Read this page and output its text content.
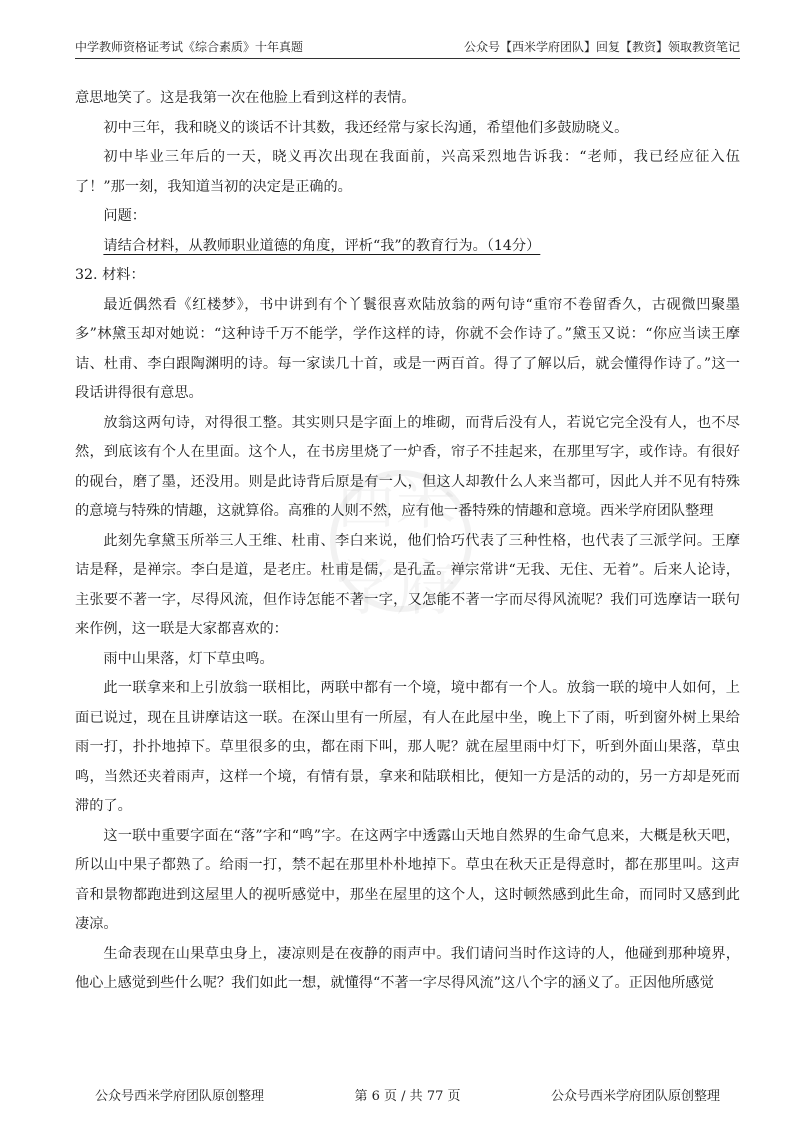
中学教师资格证考试《综合素质》十年真题	公众号【西米学府团队】回复【教资】领取教资笔记

意思地笑了。这是我第一次在他脸上看到这样的表情。

初中三年，我和晓义的谈话不计其数，我还经常与家长沟通，希望他们多鼓励晓义。

初中毕业三年后的一天，晓义再次出现在我面前，兴高采烈地告诉我：“老师，我已经应征入伍了！”那一刻，我知道当初的决定是正确的。

问题：

请结合材料，从教师职业道德的角度，评析“我”的教育行为。（14分）

32. 材料：

最近偶然看《红楼梦》，书中讲到有个丫鬟很喜欢陆放翁的两句诗“重帘不卷留香久，古砚微凹聚墨多”林黛玉却对她说：“这种诗千万不能学，学作这样的诗，你就不会作诗了。”黛玉又说：“你应当读王摩诘、杜甫、李白跟陶渊明的诗。每一家读几十首，或是一两百首。得了了解以后，就会懂得作诗了。”这一段话讲得很有意思。

放翁这两句诗，对得很工整。其实则只是字面上的堆砌，而背后没有人，若说它完全没有人，也不尽然，到底该有个人在里面。这个人，在书房里烧了一炉香，帘子不挂起来，在那里写字，或作诗。有很好的砚台，磨了墨，还没用。则是此诗背后原是有一人，但这人却教什么人来当都可，因此人并不见有特殊的意境与特殊的情趣，这就算俗。高雅的人则不然，应有他一番特殊的情趣和意境。西米学府团队整理

此刻先拿黛玉所举三人王维、杜甫、李白来说，他们恰巧代表了三种性格，也代表了三派学问。王摩诘是释，是禅宗。李白是道，是老庄。杜甫是儒，是孔孟。禅宗常讲“无我、无住、无着”。后来人论诗，主张要不著一字，尽得风流，但作诗怎能不著一字，又怎能不著一字而尽得风流呢？我们可选摩诘一联句来作例，这一联是大家都喜欢的：

雨中山果落，灯下草虫鸣。

此一联拿来和上引放翁一联相比，两联中都有一个境，境中都有一个人。放翁一联的境中人如何，上面已说过，现在且讲摩诘这一联。在深山里有一所屋，有人在此屋中坐，晚上下了雨，听到窗外树上果给雨一打，扑扑地掉下。草里很多的虫，都在雨下叫，那人呢？就在屋里雨中灯下，听到外面山果落，草虫鸣，当然还夹着雨声，这样一个境，有情有景，拿来和陆联相比，便知一方是活的动的，另一方却是死而滞的了。

这一联中重要字面在“落”字和“鸣”字。在这两字中透露山天地自然界的生命气息来，大概是秋天吧，所以山中果子都熟了。给雨一打，禁不起在那里朴朴地掉下。草虫在秋天正是得意时，都在那里叫。这声音和景物都跑进到这屋里人的视听感觉中，那坐在屋里的这个人，这时顿然感到此生命，而同时又感到此凄凉。

生命表现在山果草虫身上，凄凉则是在夜静的雨声中。我们请问当时作这诗的人，他碰到那种境界，他心上感觉到些什么呢？我们如此一想，就懂得“不著一字尽得风流”这八个字的涵义了。正因他所感觉

公众号西米学府团队原创整理	第 6 页 / 共 77 页	公众号西米学府团队原创整理
